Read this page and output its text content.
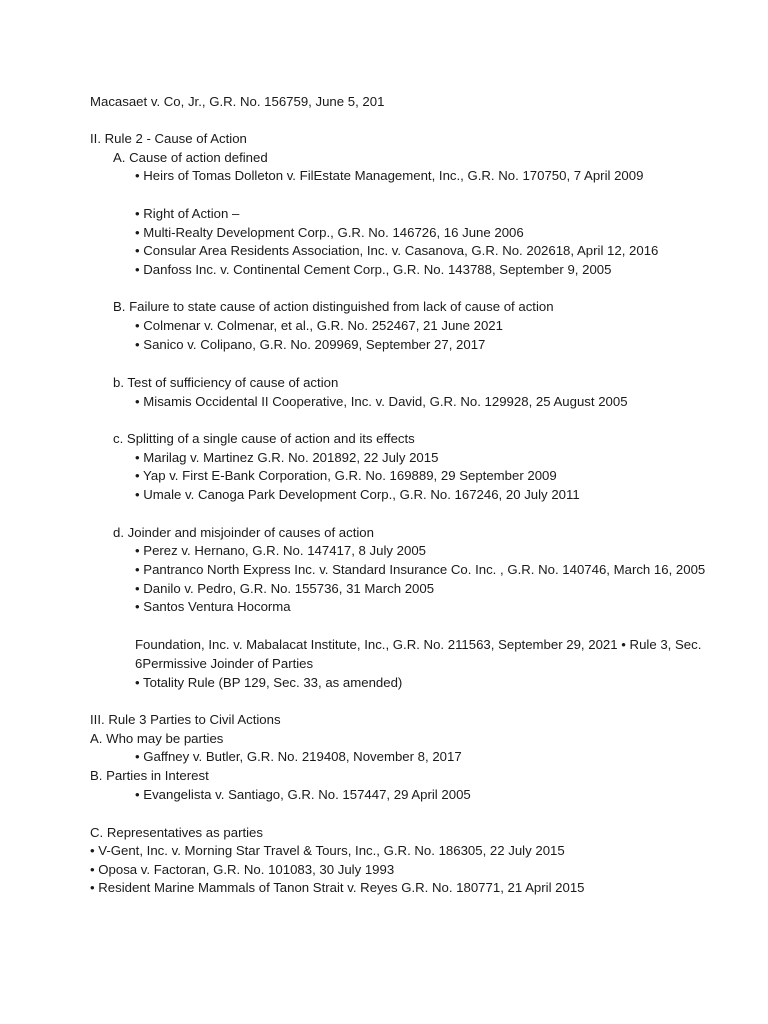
Macasaet v. Co, Jr., G.R. No. 156759, June 5, 201
II. Rule 2 - Cause of Action
A. Cause of action defined
• Heirs of Tomas Dolleton v. FilEstate Management, Inc., G.R. No. 170750, 7 April 2009
• Right of Action –
• Multi-Realty Development Corp., G.R. No. 146726, 16 June 2006
• Consular Area Residents Association, Inc. v. Casanova, G.R. No. 202618, April 12, 2016
• Danfoss Inc. v. Continental Cement Corp., G.R. No. 143788, September 9, 2005
B. Failure to state cause of action distinguished from lack of cause of action
• Colmenar v. Colmenar, et al., G.R. No. 252467, 21 June 2021
• Sanico v. Colipano, G.R. No. 209969, September 27, 2017
b. Test of sufficiency of cause of action
• Misamis Occidental II Cooperative, Inc. v. David, G.R. No. 129928, 25 August 2005
c. Splitting of a single cause of action and its effects
• Marilag v. Martinez G.R. No. 201892, 22 July 2015
• Yap v. First E-Bank Corporation, G.R. No. 169889, 29 September 2009
• Umale v. Canoga Park Development Corp., G.R. No. 167246, 20 July 2011
d. Joinder and misjoinder of causes of action
• Perez v. Hernano, G.R. No. 147417, 8 July 2005
• Pantranco North Express Inc. v. Standard Insurance Co. Inc. , G.R. No. 140746, March 16, 2005
• Danilo v. Pedro, G.R. No. 155736, 31 March 2005
• Santos Ventura Hocorma
Foundation, Inc. v. Mabalacat Institute, Inc., G.R. No. 211563, September 29, 2021 • Rule 3, Sec.
6Permissive Joinder of Parties
• Totality Rule (BP 129, Sec. 33, as amended)
III. Rule 3 Parties to Civil Actions
A. Who may be parties
• Gaffney v. Butler, G.R. No. 219408, November 8, 2017
B. Parties in Interest
• Evangelista v. Santiago, G.R. No. 157447, 29 April 2005
C. Representatives as parties
• V-Gent, Inc. v. Morning Star Travel & Tours, Inc., G.R. No. 186305, 22 July 2015
• Oposa v. Factoran, G.R. No. 101083, 30 July 1993
• Resident Marine Mammals of Tanon Strait v. Reyes G.R. No. 180771, 21 April 2015
